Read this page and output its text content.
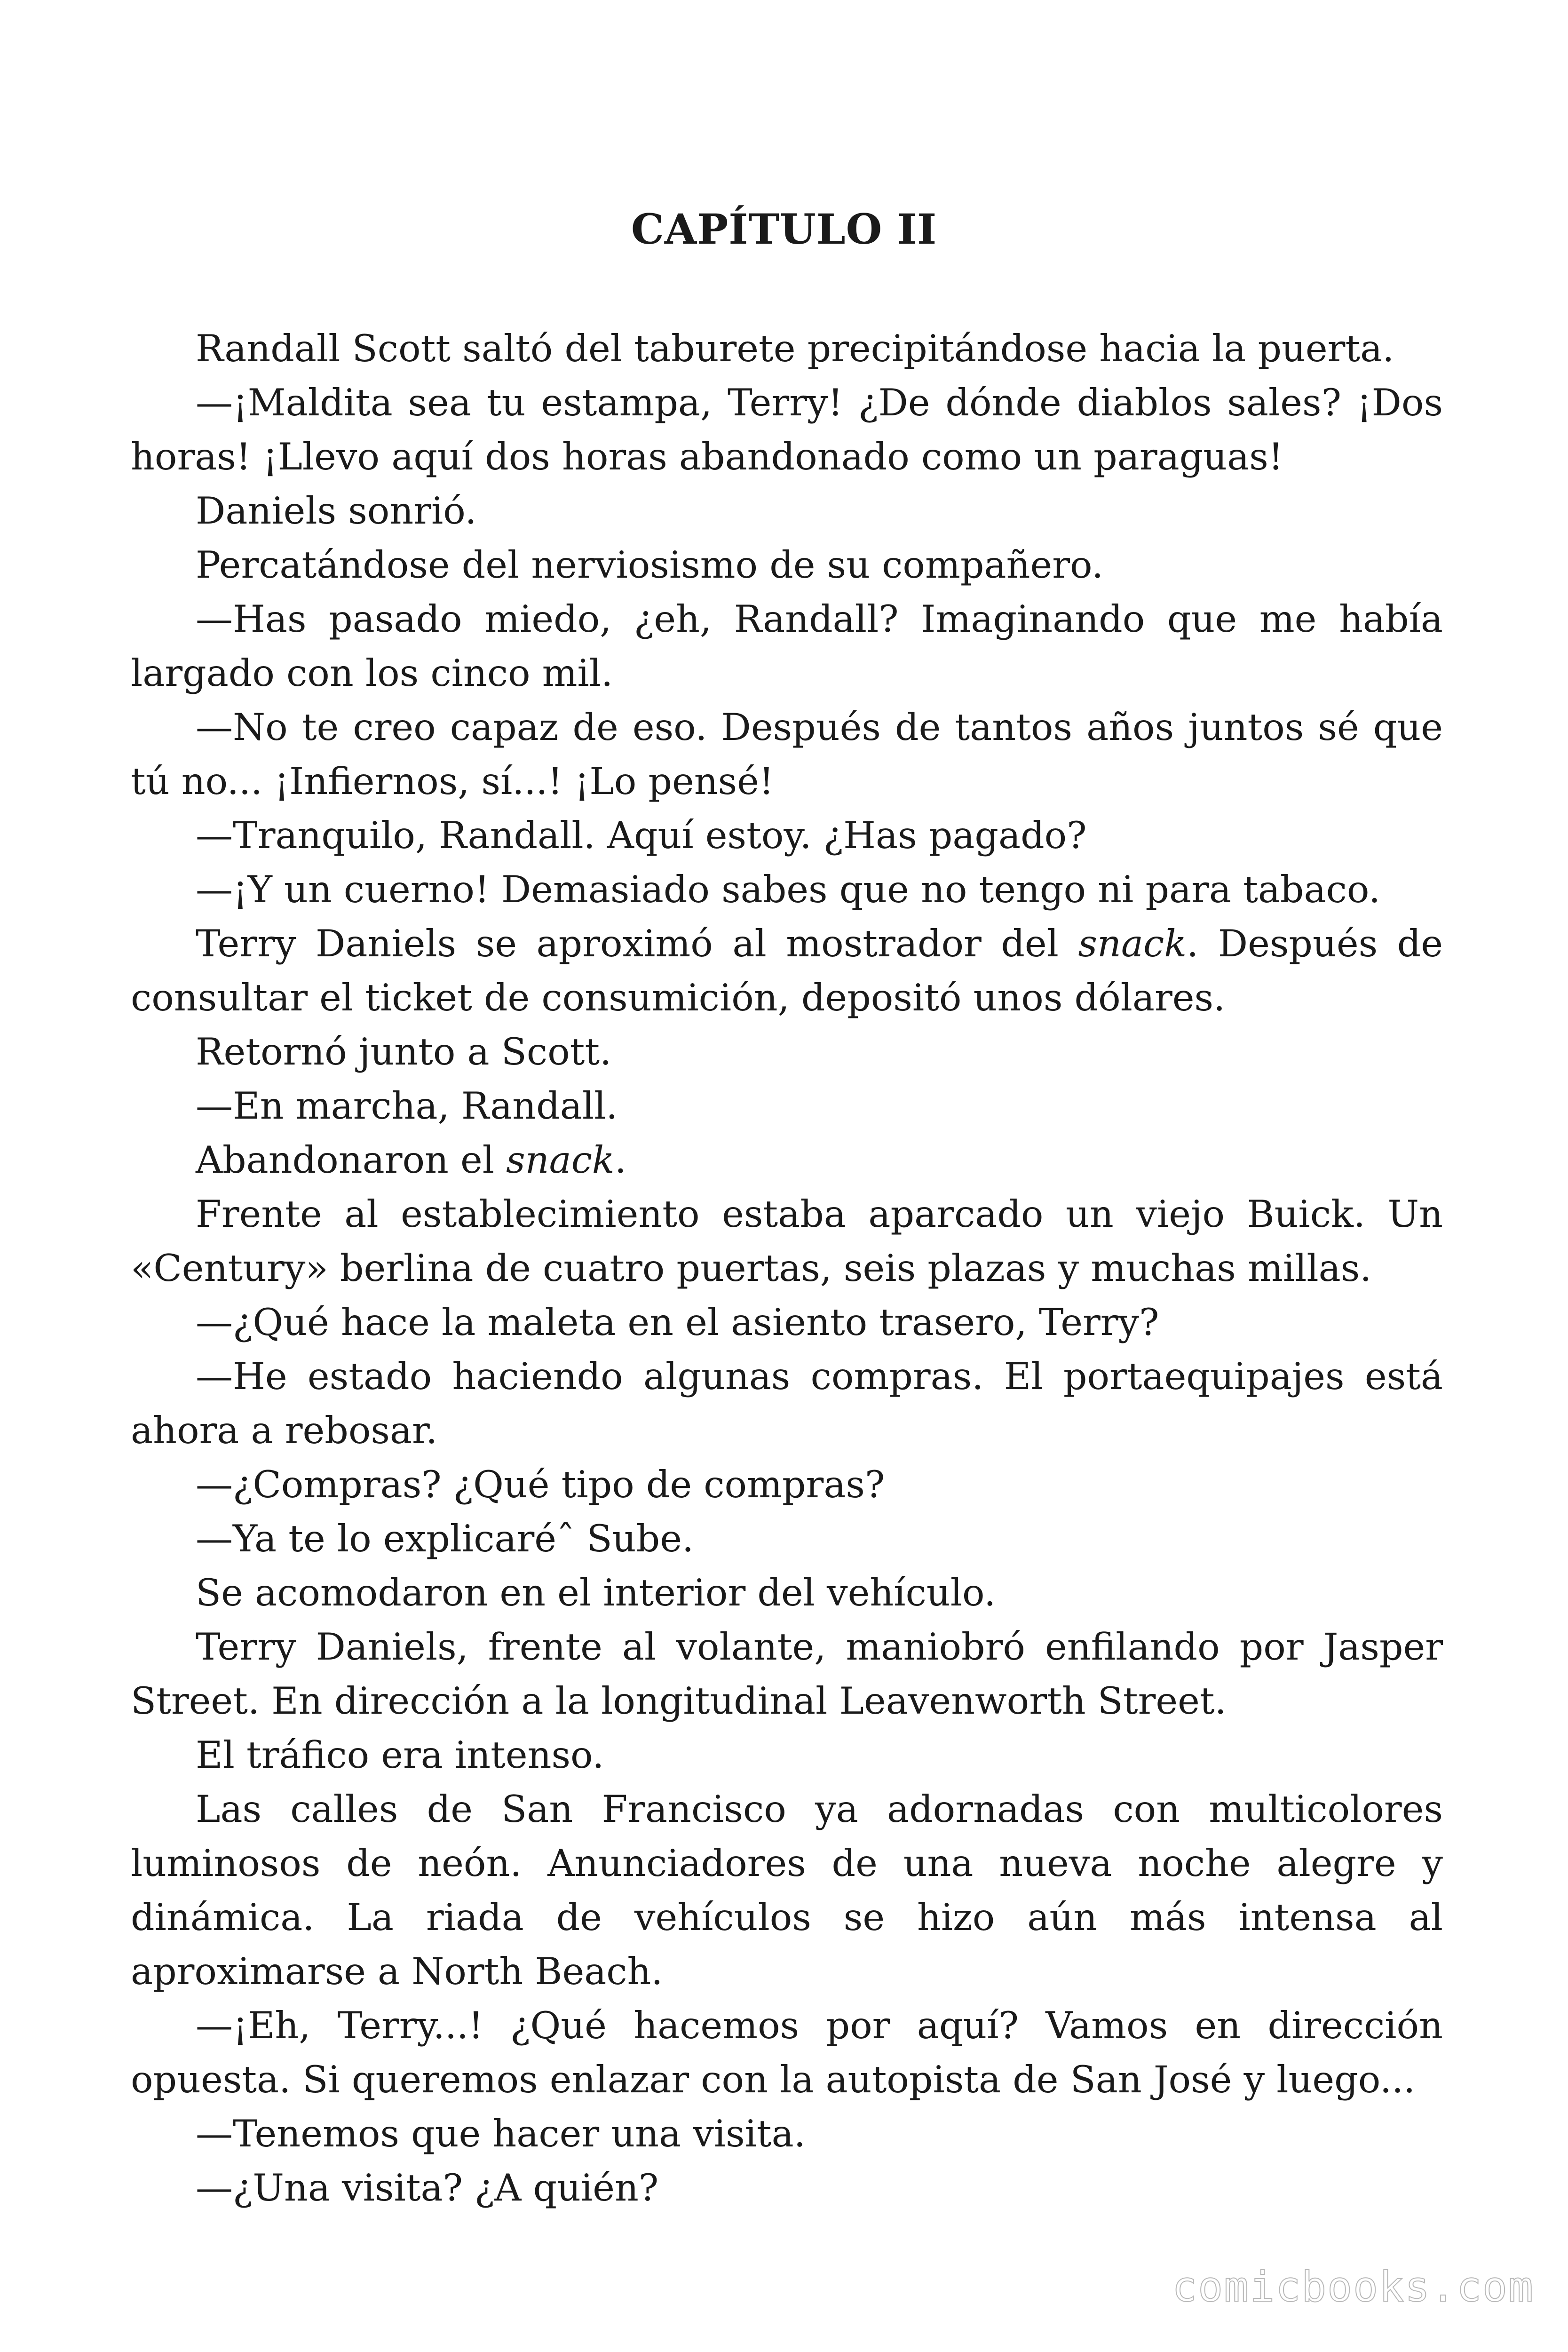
CAPÍTULO II

Randall Scott saltó del taburete precipitándose hacia la puerta.

—¡Maldita sea tu estampa, Terry! ¿De dónde diablos sales? ¡Dos horas! ¡Llevo aquí dos horas abandonado como un paraguas!

Daniels sonrió.

Percatándose del nerviosismo de su compañero.

—Has pasado miedo, ¿eh, Randall? Imaginando que me había largado con los cinco mil.

—No te creo capaz de eso. Después de tantos años juntos sé que tú no... ¡Infiernos, sí...! ¡Lo pensé!

—Tranquilo, Randall. Aquí estoy. ¿Has pagado?

—¡Y un cuerno! Demasiado sabes que no tengo ni para tabaco.

Terry Daniels se aproximó al mostrador del snack. Después de consultar el ticket de consumición, depositó unos dólares.

Retornó junto a Scott.

—En marcha, Randall.

Abandonaron el snack.

Frente al establecimiento estaba aparcado un viejo Buick. Un «Century» berlina de cuatro puertas, seis plazas y muchas millas.

—¿Qué hace la maleta en el asiento trasero, Terry?

—He estado haciendo algunas compras. El portaequipajes está ahora a rebosar.

—¿Compras? ¿Qué tipo de compras?

—Ya te lo explicaréˆ Sube.

Se acomodaron en el interior del vehículo.

Terry Daniels, frente al volante, maniobró enfilando por Jasper Street. En dirección a la longitudinal Leavenworth Street.

El tráfico era intenso.

Las calles de San Francisco ya adornadas con multicolores luminosos de neón. Anunciadores de una nueva noche alegre y dinámica. La riada de vehículos se hizo aún más intensa al aproximarse a North Beach.

—¡Eh, Terry...! ¿Qué hacemos por aquí? Vamos en dirección opuesta. Si queremos enlazar con la autopista de San José y luego...

—Tenemos que hacer una visita.

—¿Una visita? ¿A quién?

comicbooks.com
